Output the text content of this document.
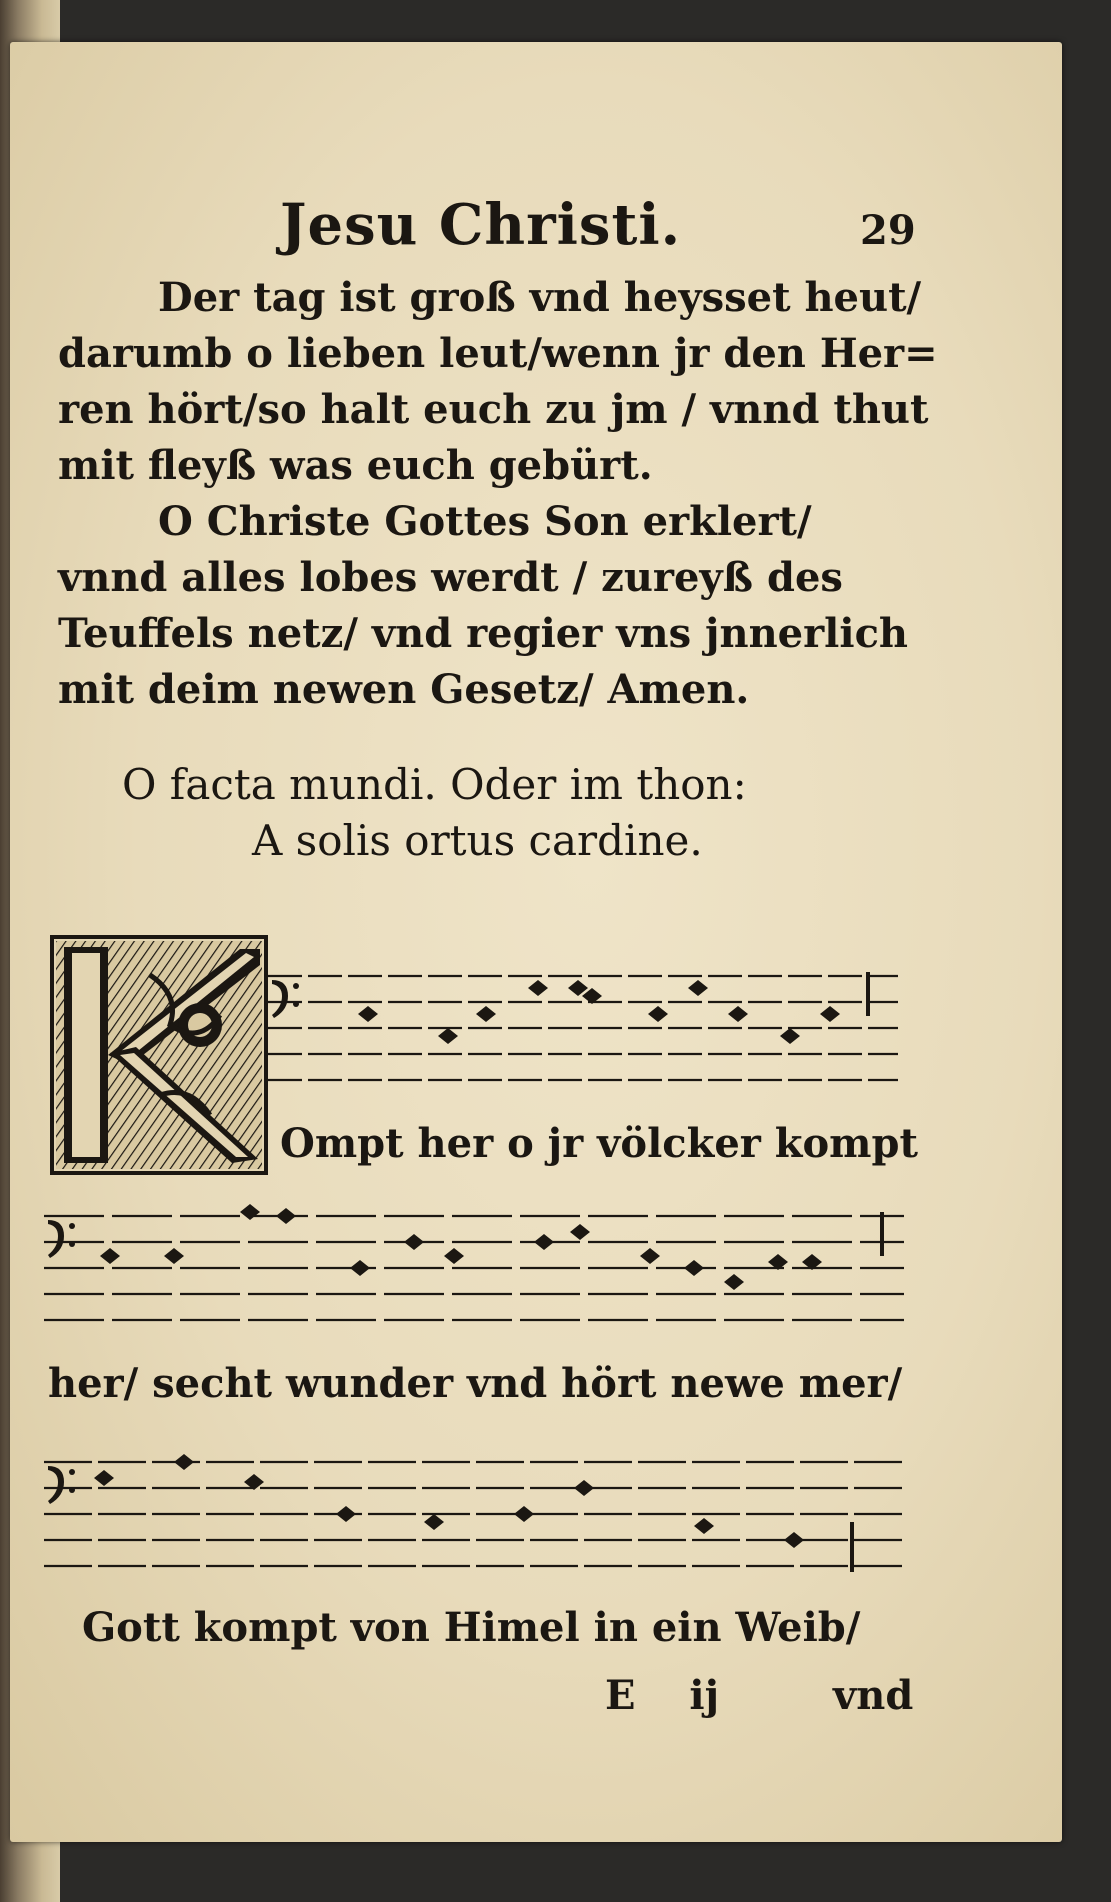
Jesu Christi.	29
Der tag ist groß vnd heysset heut/
darumb o lieben leut/wenn jr den Her=
ren hört/so halt euch zu jm / vnnd thut
mit fleyß was euch gebürt.
O Christe Gottes Son erklert/
vnnd alles lobes werdt / zureyß des
Teuffels netz/ vnd regier vns jnnerlich
mit deim newen Gesetz/ Amen.
O facta mundi. Oder im thon:
A solis ortus cardine.
Ompt her o jr völcker kompt
her/ secht wunder vnd hört newe mer/
Gott kompt von Himel in ein Weib/
E ij	vnd
